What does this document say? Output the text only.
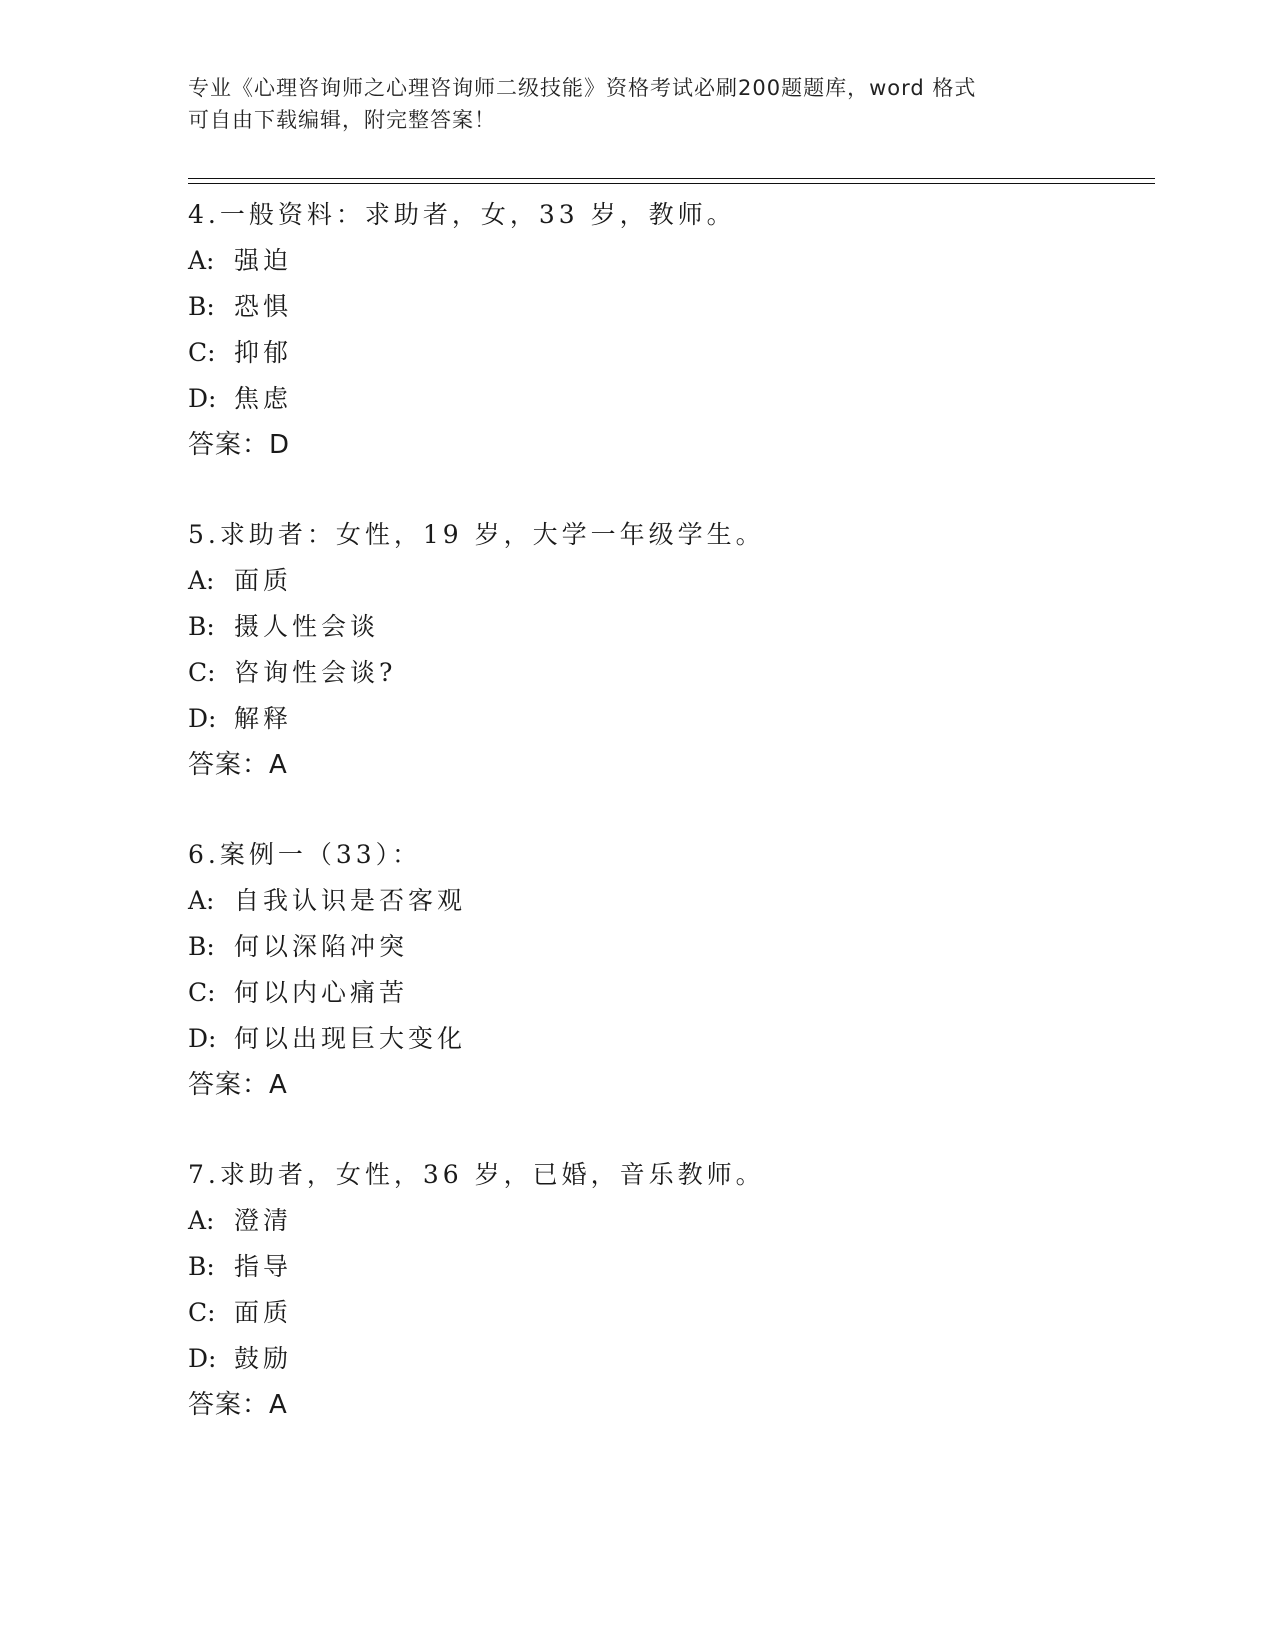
专业《心理咨询师之心理咨询师二级技能》资格考试必刷200题题库，word 格式
可自由下载编辑，附完整答案！
4.一般资料：求助者，女，33 岁，教师。
A: 强迫
B: 恐惧
C: 抑郁
D: 焦虑
答案：D
5.求助者：女性，19 岁，大学一年级学生。
A: 面质
B: 摄人性会谈
C: 咨询性会谈?
D: 解释
答案：A
6.案例一（33）：
A: 自我认识是否客观
B: 何以深陷冲突
C: 何以内心痛苦
D: 何以出现巨大变化
答案：A
7.求助者，女性，36 岁，已婚，音乐教师。
A: 澄清
B: 指导
C: 面质
D: 鼓励
答案：A
